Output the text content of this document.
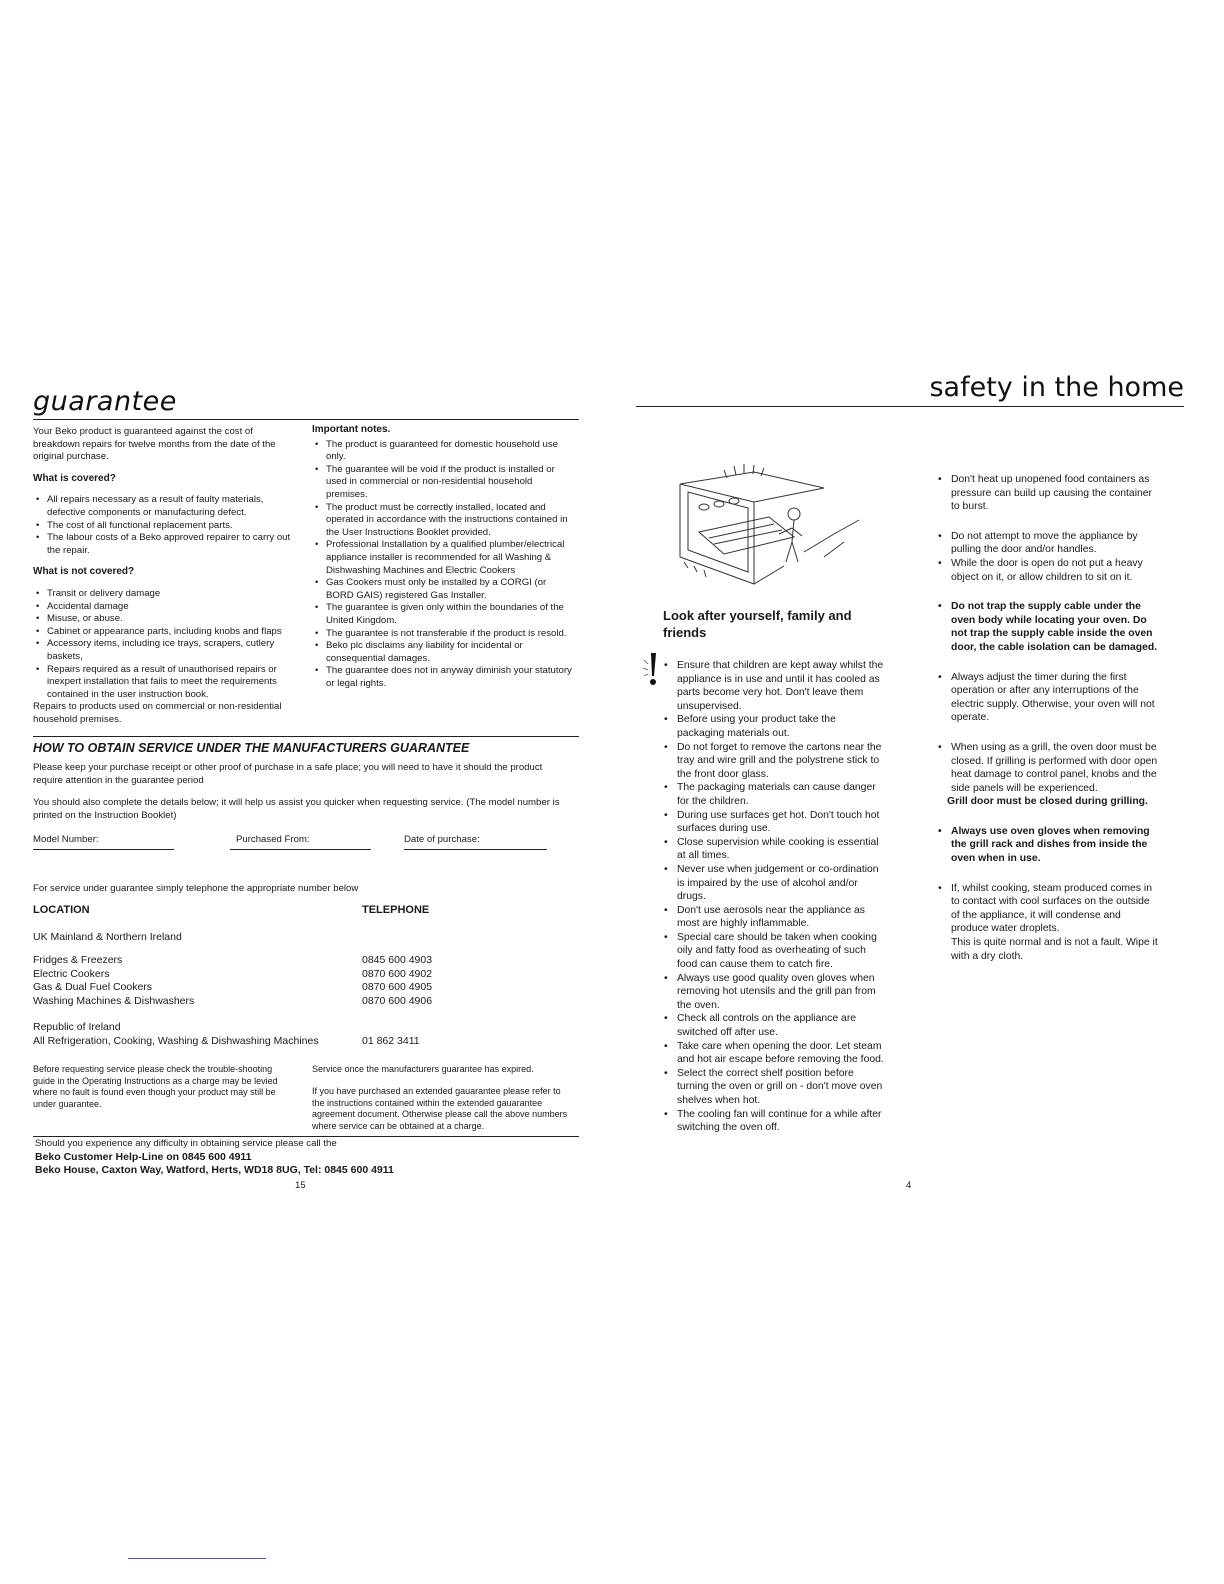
guarantee

Your Beko product is guaranteed against the cost of breakdown repairs for twelve months from the date of the original purchase.

What is covered?

• All repairs necessary as a result of faulty materials, defective components or manufacturing defect.
• The cost of all functional replacement parts.
• The labour costs of a Beko approved repairer to carry out the repair.

What is not covered?

• Transit or delivery damage
• Accidental damage
• Misuse, or abuse.
• Cabinet or appearance parts, including knobs and flaps
• Accessory items, including ice trays, scrapers, cutlery baskets,
• Repairs required as a result of unauthorised repairs or inexpert installation that fails to meet the requirements contained in the user instruction book.

Repairs to products used on commercial or non-residential household premises.

Important notes.

• The product is guaranteed for domestic household use only.
• The guarantee will be void if the product is installed or used in commercial or non-residential household premises.
• The product must be correctly installed, located and operated in accordance with the instructions contained in the User Instructions Booklet provided.
• Professional Installation by a qualified plumber/electrical appliance installer is recommended for all Washing & Dishwashing Machines and Electric Cookers
• Gas Cookers must only be installed by a CORGI (or BORD GAIS) registered Gas Installer.
• The guarantee is given only within the boundaries of the United Kingdom.
• The guarantee is not transferable if the product is resold.
• Beko plc disclaims any liability for incidental or consequential damages.
• The guarantee does not in anyway diminish your statutory or legal rights.
HOW TO OBTAIN SERVICE UNDER THE MANUFACTURERS GUARANTEE
Please keep your purchase receipt or other proof of purchase in a safe place; you will need to have it should the product require attention in the guarantee period
You should also complete the details below; it will help us assist you quicker when requesting service. (The model number is printed on the Instruction Booklet)
Model Number:	Purchased From:	Date of purchase:
For service under guarantee simply telephone the appropriate number below
LOCATION	TELEPHONE
UK Mainland & Northern Ireland
Fridges & Freezers	0845 600 4903
Electric Cookers	0870 600 4902
Gas & Dual Fuel Cookers	0870 600 4905
Washing Machines & Dishwashers	0870 600 4906
Republic of Ireland
All Refrigeration, Cooking, Washing & Dishwashing Machines	01 862 3411
Before requesting service please check the trouble-shooting guide in the Operating Instructions as a charge may be levied where no fault is found even though your product may still be under guarantee.
Service once the manufacturers guarantee has expired.
If you have purchased an extended gauarantee please refer to the instructions contained within the extended gauarantee agreement document. Otherwise please call the above numbers where service can be obtained at a charge.
Should you experience any difficulty in obtaining service please call the
Beko Customer Help-Line on 0845 600 4911
Beko House, Caxton Way, Watford, Herts, WD18 8UG, Tel: 0845 600 4911
15
safety in the home
Look after yourself, family and friends
• Ensure that children are kept away whilst the appliance is in use and until it has cooled as parts become very hot. Don't leave them unsupervised.
• Before using your product take the packaging materials out.
• Do not forget to remove the cartons near the tray and wire grill and the polystrene stick to the front door glass.
• The packaging materials can cause danger for the children.
• During use surfaces get hot. Don't touch hot surfaces during use.
• Close supervision while cooking is essential at all times.
• Never use when judgement or co-ordination is impaired by the use of alcohol and/or drugs.
• Don't use aerosols near the appliance as most are highly inflammable.
• Special care should be taken when cooking oily and fatty food as overheating of such food can cause them to catch fire.
• Always use good quality oven gloves when removing hot utensils and the grill pan from the oven.
• Check all controls on the appliance are switched off after use.
• Take care when opening the door. Let steam and hot air escape before removing the food.
• Select the correct shelf position before turning the oven or grill on - don't move oven shelves when hot.
• The cooling fan will continue for a while after switching the oven off.
• Don't heat up unopened food containers as pressure can build up causing the container to burst.
• Do not attempt to move the appliance by pulling the door and/or handles.
• While the door is open do not put a heavy object on it, or allow children to sit on it.
• Do not trap the supply cable under the oven body while locating your oven. Do not trap the supply cable inside the oven door, the cable isolation can be damaged.
• Always adjust the timer during the first operation or after any interruptions of the electric supply. Otherwise, your oven will not operate.
• When using as a grill, the oven door must be closed. If grilling is performed with door open heat damage to control panel, knobs and the side panels will be experienced.
Grill door must be closed during grilling.
• Always use oven gloves when removing the grill rack and dishes from inside the oven when in use.
• If, whilst cooking, steam produced comes in to contact with cool surfaces on the outside of the appliance, it will condense and produce water droplets.
This is quite normal and is not a fault. Wipe it with a dry cloth.
4
